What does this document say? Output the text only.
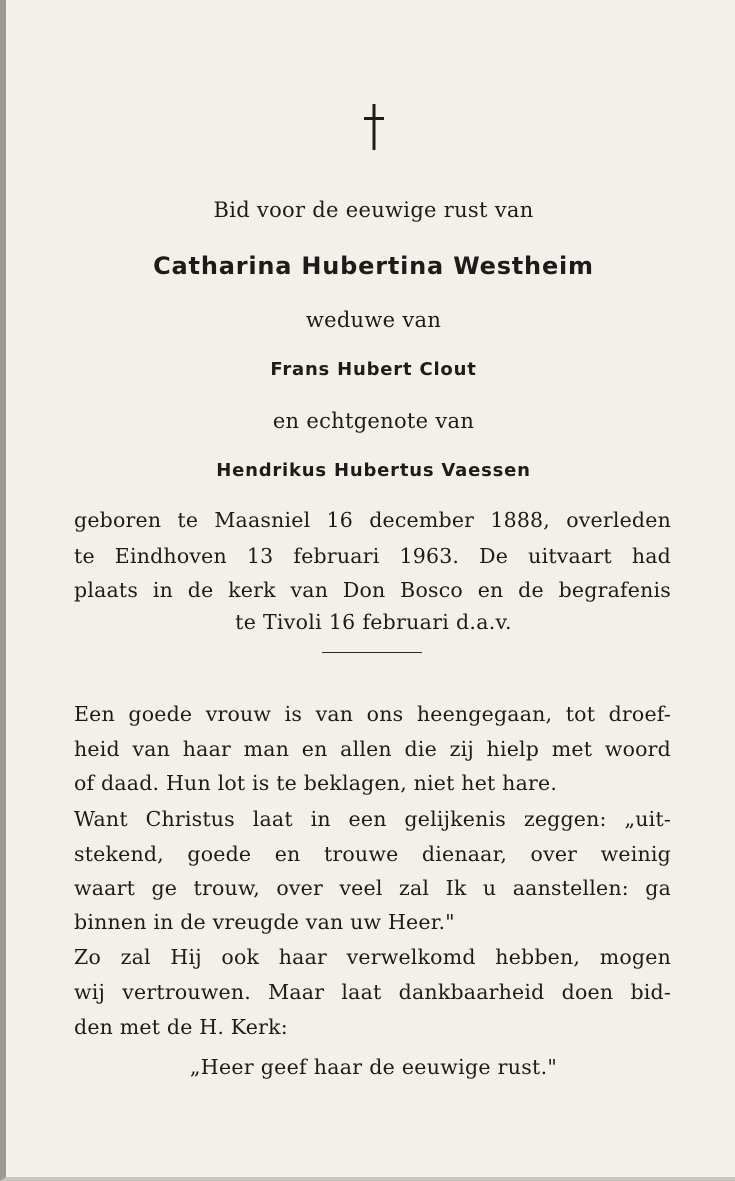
Bid voor de eeuwige rust van
Catharina Hubertina Westheim
weduwe van
Frans Hubert Clout
en echtgenote van
Hendrikus Hubertus Vaessen
geboren te Maasniel 16 december 1888, overleden
te Eindhoven 13 februari 1963. De uitvaart had
plaats in de kerk van Don Bosco en de begrafenis
te Tivoli 16 februari d.a.v.
Een goede vrouw is van ons heengegaan, tot droef-
heid van haar man en allen die zij hielp met woord
of daad. Hun lot is te beklagen, niet het hare.
Want Christus laat in een gelijkenis zeggen: „uit-
stekend, goede en trouwe dienaar, over weinig
waart ge trouw, over veel zal Ik u aanstellen: ga
binnen in de vreugde van uw Heer."
Zo zal Hij ook haar verwelkomd hebben, mogen
wij vertrouwen. Maar laat dankbaarheid doen bid-
den met de H. Kerk:
„Heer geef haar de eeuwige rust."
